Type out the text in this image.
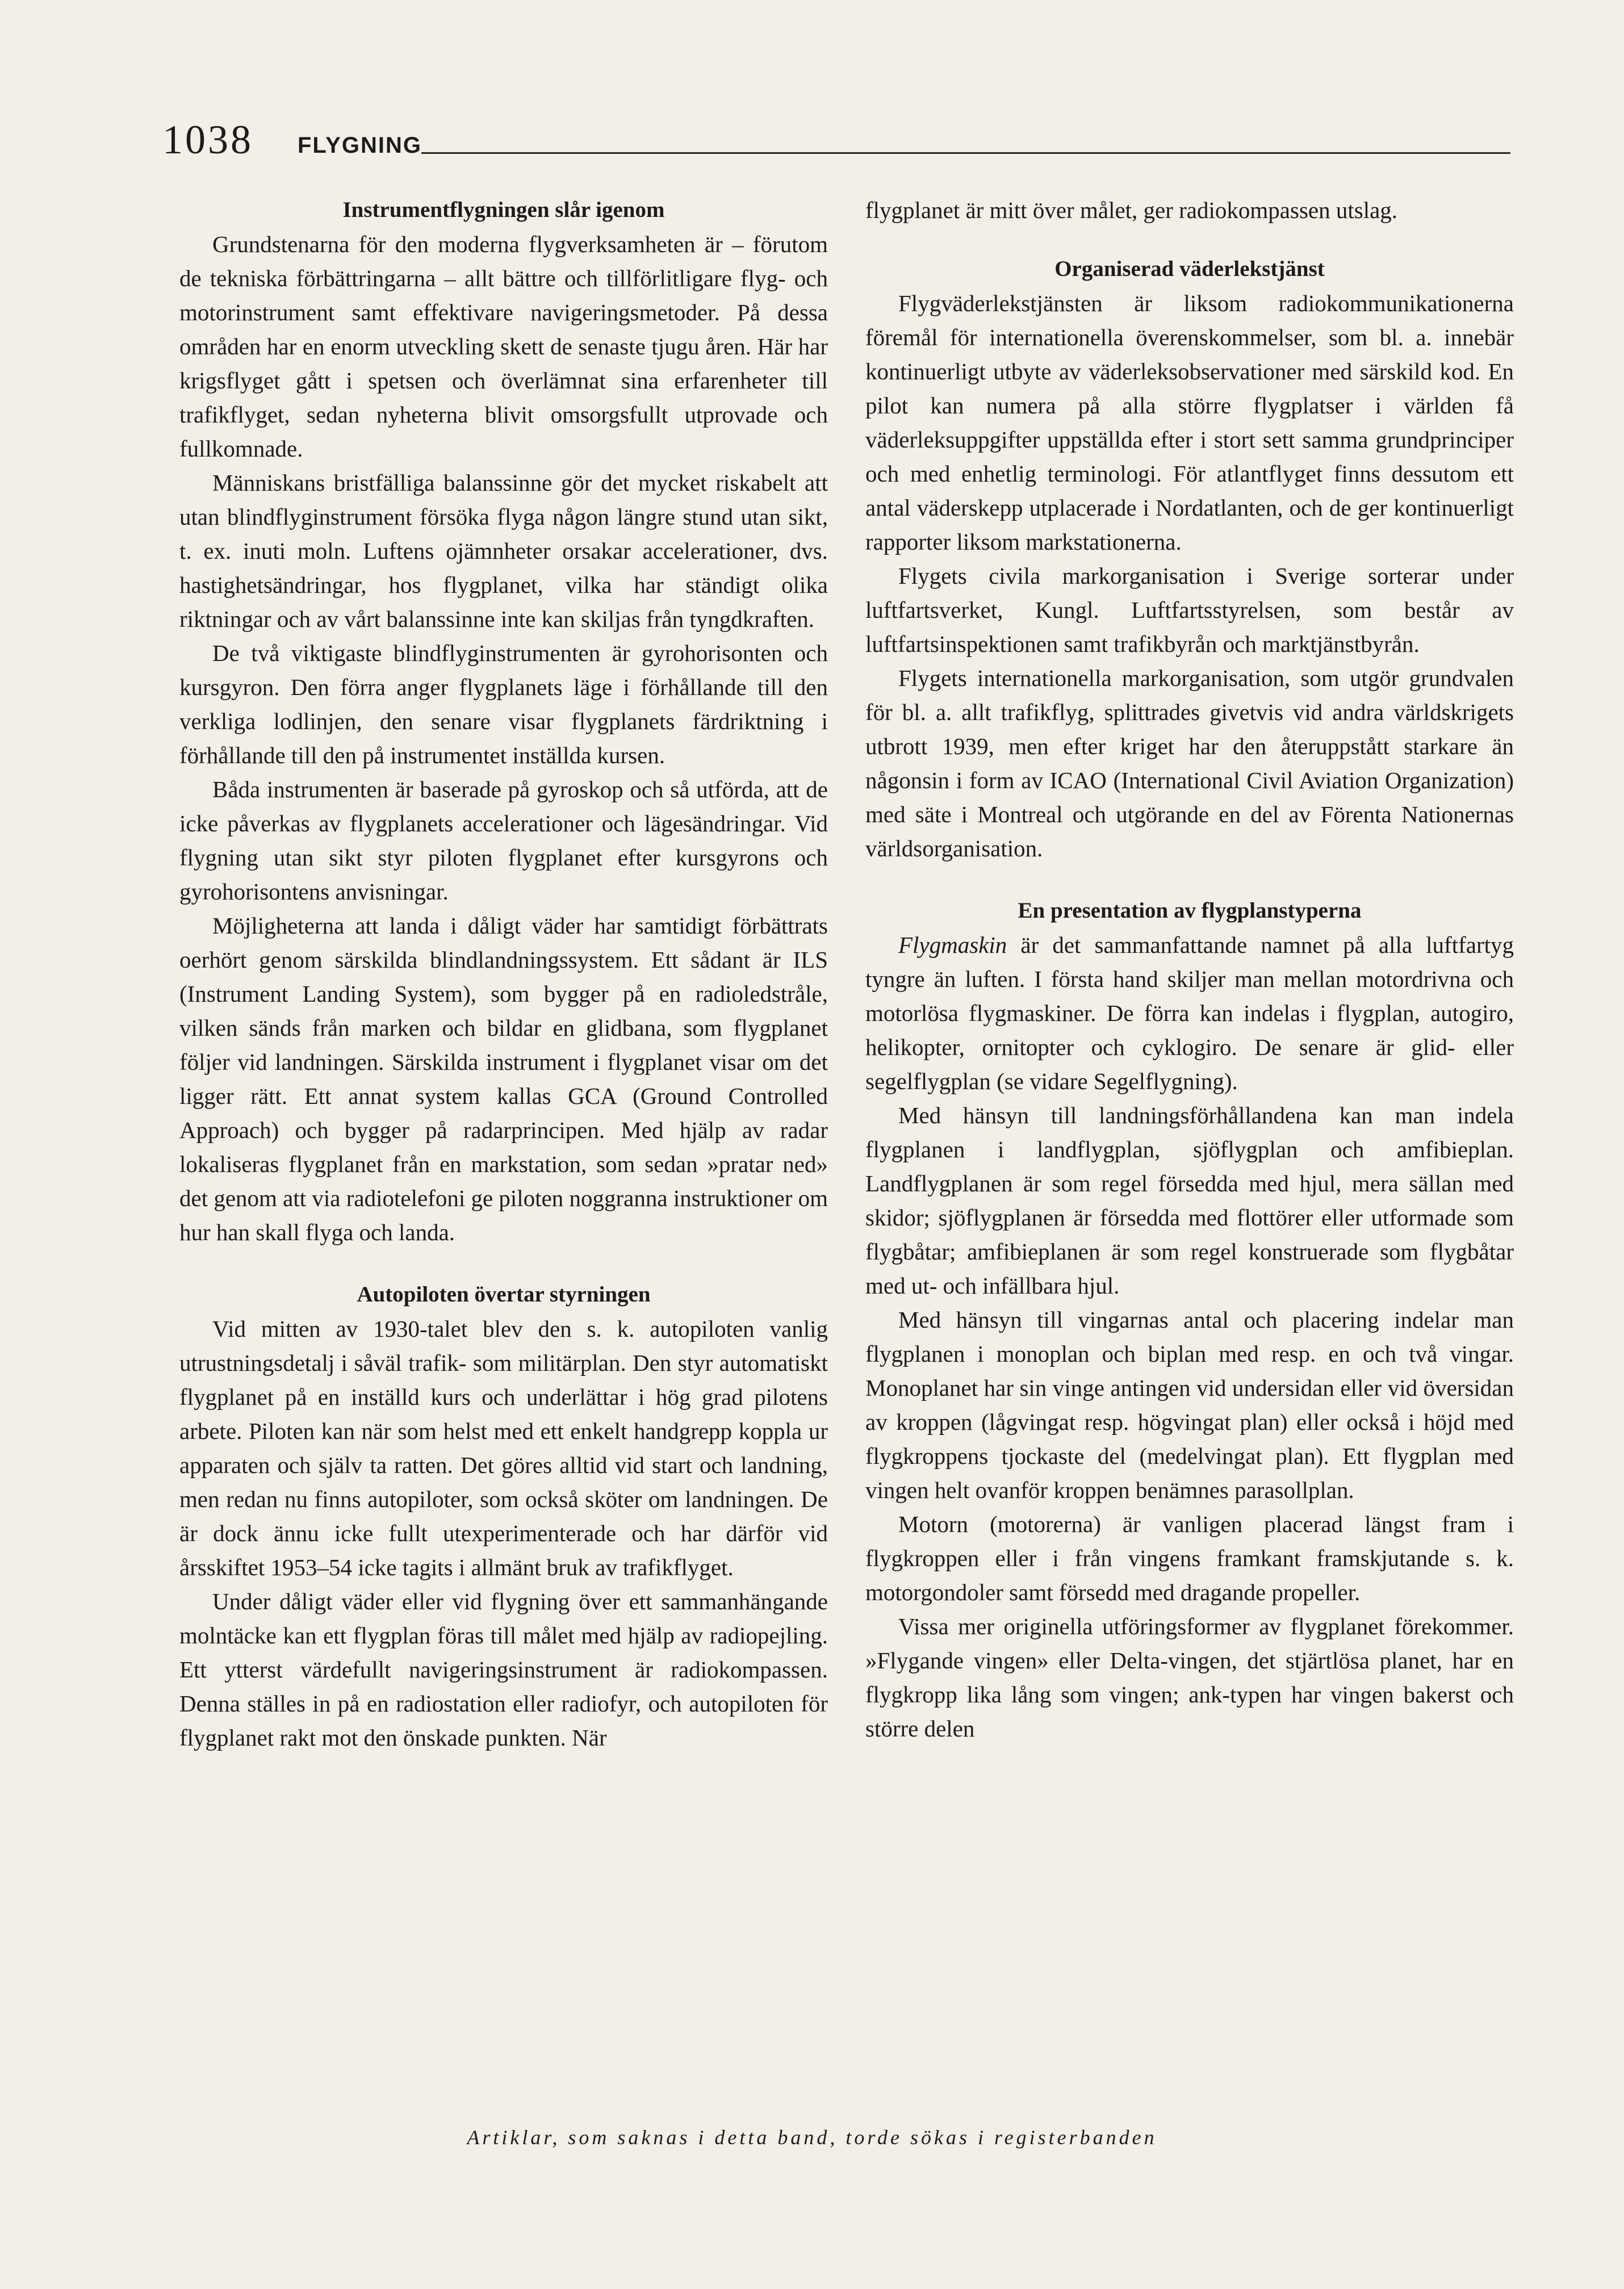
1038 FLYGNING
Instrumentflygningen slår igenom

Grundstenarna för den moderna flygverksamheten är – förutom de tekniska förbättringarna – allt bättre och tillförlitligare flyg- och motorinstrument samt effektivare navigeringsmetoder. På dessa områden har en enorm utveckling skett de senaste tjugu åren. Här har krigsflyget gått i spetsen och överlämnat sina erfarenheter till trafikflyget, sedan nyheterna blivit omsorgsfullt utprovade och fullkomnade.

Människans bristfälliga balanssinne gör det mycket riskabelt att utan blindflyginstrument försöka flyga någon längre stund utan sikt, t. ex. inuti moln. Luftens ojämnheter orsakar accelerationer, dvs. hastighetsändringar, hos flygplanet, vilka har ständigt olika riktningar och av vårt balanssinne inte kan skiljas från tyngdkraften.

De två viktigaste blindflyginstrumenten är gyrohorisonten och kursgyron. Den förra anger flygplanets läge i förhållande till den verkliga lodlinjen, den senare visar flygplanets färdriktning i förhållande till den på instrumentet inställda kursen.

Båda instrumenten är baserade på gyroskop och så utförda, att de icke påverkas av flygplanets accelerationer och lägesändringar. Vid flygning utan sikt styr piloten flygplanet efter kursgyrons och gyrohorisontens anvisningar.

Möjligheterna att landa i dåligt väder har samtidigt förbättrats oerhört genom särskilda blindlandningssystem. Ett sådant är ILS (Instrument Landing System), som bygger på en radioledstråle, vilken sänds från marken och bildar en glidbana, som flygplanet följer vid landningen. Särskilda instrument i flygplanet visar om det ligger rätt. Ett annat system kallas GCA (Ground Controlled Approach) och bygger på radarprincipen. Med hjälp av radar lokaliseras flygplanet från en markstation, som sedan »pratar ned» det genom att via radiotelefoni ge piloten noggranna instruktioner om hur han skall flyga och landa.

Autopiloten övertar styrningen

Vid mitten av 1930-talet blev den s. k. autopiloten vanlig utrustningsdetalj i såväl trafik- som militärplan. Den styr automatiskt flygplanet på en inställd kurs och underlättar i hög grad pilotens arbete. Piloten kan när som helst med ett enkelt handgrepp koppla ur apparaten och själv ta ratten. Det göres alltid vid start och landning, men redan nu finns autopiloter, som också sköter om landningen. De är dock ännu icke fullt utexperimenterade och har därför vid årsskiftet 1953–54 icke tagits i allmänt bruk av trafikflyget.

Under dåligt väder eller vid flygning över ett sammanhängande molntäcke kan ett flygplan föras till målet med hjälp av radiopejling. Ett ytterst värdefullt navigeringsinstrument är radiokompassen. Denna ställes in på en radiostation eller radiofyr, och autopiloten för flygplanet rakt mot den önskade punkten. När

flygplanet är mitt över målet, ger radiokompassen utslag.

Organiserad väderlekstjänst

Flygväderlekstjänsten är liksom radiokommunikationerna föremål för internationella överenskommelser, som bl. a. innebär kontinuerligt utbyte av väderleksobservationer med särskild kod. En pilot kan numera på alla större flygplatser i världen få väderleksuppgifter uppställda efter i stort sett samma grundprinciper och med enhetlig terminologi. För atlantflyget finns dessutom ett antal väderskepp utplacerade i Nordatlanten, och de ger kontinuerligt rapporter liksom markstationerna.

Flygets civila markorganisation i Sverige sorterar under luftfartsverket, Kungl. Luftfartsstyrelsen, som består av luftfartsinspektionen samt trafikbyrån och marktjänstbyrån.

Flygets internationella markorganisation, som utgör grundvalen för bl. a. allt trafikflyg, splittrades givetvis vid andra världskrigets utbrott 1939, men efter kriget har den återuppstått starkare än någonsin i form av ICAO (International Civil Aviation Organization) med säte i Montreal och utgörande en del av Förenta Nationernas världsorganisation.

En presentation av flygplanstyperna

Flygmaskin är det sammanfattande namnet på alla luftfartyg tyngre än luften. I första hand skiljer man mellan motordrivna och motorlösa flygmaskiner. De förra kan indelas i flygplan, autogiro, helikopter, ornitopter och cyklogiro. De senare är glid- eller segelflygplan (se vidare Segelflygning).

Med hänsyn till landningsförhållandena kan man indela flygplanen i landflygplan, sjöflygplan och amfibieplan. Landflygplanen är som regel försedda med hjul, mera sällan med skidor; sjöflygplanen är försedda med flottörer eller utformade som flygbåtar; amfibieplanen är som regel konstruerade som flygbåtar med ut- och infällbara hjul.

Med hänsyn till vingarnas antal och placering indelar man flygplanen i monoplan och biplan med resp. en och två vingar. Monoplanet har sin vinge antingen vid undersidan eller vid översidan av kroppen (lågvingat resp. högvingat plan) eller också i höjd med flygkroppens tjockaste del (medelvingat plan). Ett flygplan med vingen helt ovanför kroppen benämnes parasollplan.

Motorn (motorerna) är vanligen placerad längst fram i flygkroppen eller i från vingens framkant framskjutande s. k. motorgondoler samt försedd med dragande propeller.

Vissa mer originella utföringsformer av flygplanet förekommer. »Flygande vingen» eller Delta-vingen, det stjärtlösa planet, har en flygkropp lika lång som vingen; ank-typen har vingen bakerst och större delen

Artiklar, som saknas i detta band, torde sökas i registerbanden
